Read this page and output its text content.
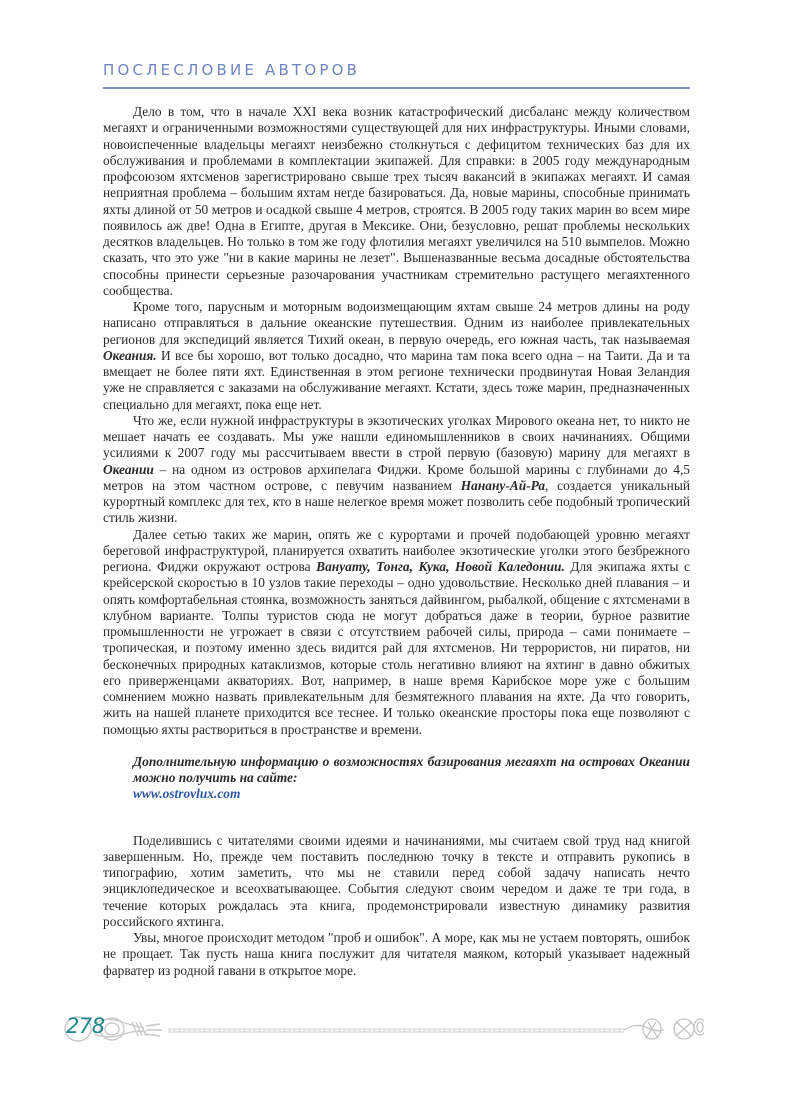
ПОСЛЕСЛОВИЕ АВТОРОВ

Дело в том, что в начале XXI века возник катастрофический дисбаланс между количеством мегаяхт и ограниченными возможностями существующей для них инфраструктуры. Иными словами, новоиспеченные владельцы мегаяхт неизбежно столкнуться с дефицитом технических баз для их обслуживания и проблемами в комплектации экипажей. Для справки: в 2005 году международным профсоюзом яхтсменов зарегистрировано свыше трех тысяч вакансий в экипажах мегаяхт. И самая неприятная проблема – большим яхтам негде базироваться. Да, новые марины, способные принимать яхты длиной от 50 метров и осадкой свыше 4 метров, строятся. В 2005 году таких марин во всем мире появилось аж две! Одна в Египте, другая в Мексике. Они, безусловно, решат проблемы нескольких десятков владельцев. Но только в том же году флотилия мегаяхт увеличился на 510 вымпелов. Можно сказать, что это уже "ни в какие марины не лезет". Вышеназванные весьма досадные обстоятельства способны принести серьезные разочарования участникам стремительно растущего мегаяхтенного сообщества.

Кроме того, парусным и моторным водоизмещающим яхтам свыше 24 метров длины на роду написано отправляться в дальние океанские путешествия. Одним из наиболее привлекательных регионов для экспедиций является Тихий океан, в первую очередь, его южная часть, так называемая Океания. И все бы хорошо, вот только досадно, что марина там пока всего одна – на Таити. Да и та вмещает не более пяти яхт. Единственная в этом регионе технически продвинутая Новая Зеландия уже не справляется с заказами на обслуживание мегаяхт. Кстати, здесь тоже марин, предназначенных специально для мегаяхт, пока еще нет.

Что же, если нужной инфраструктуры в экзотических уголках Мирового океана нет, то никто не мешает начать ее создавать. Мы уже нашли единомышленников в своих начинаниях. Общими усилиями к 2007 году мы рассчитываем ввести в строй первую (базовую) марину для мегаяхт в Океании – на одном из островов архипелага Фиджи. Кроме большой марины с глубинами до 4,5 метров на этом частном острове, с певучим названием Нанану-Ай-Ра, создается уникальный курортный комплекс для тех, кто в наше нелегкое время может позволить себе подобный тропический стиль жизни.

Далее сетью таких же марин, опять же с курортами и прочей подобающей уровню мегаяхт береговой инфраструктурой, планируется охватить наиболее экзотические уголки этого безбрежного региона. Фиджи окружают острова Вануату, Тонга, Кука, Новой Каледонии. Для экипажа яхты с крейсерской скоростью в 10 узлов такие переходы – одно удовольствие. Несколько дней плавания – и опять комфортабельная стоянка, возможность заняться дайвингом, рыбалкой, общение с яхтсменами в клубном варианте. Толпы туристов сюда не могут добраться даже в теории, бурное развитие промышленности не угрожает в связи с отсутствием рабочей силы, природа – сами понимаете – тропическая, и поэтому именно здесь видится рай для яхтсменов. Ни террористов, ни пиратов, ни бесконечных природных катаклизмов, которые столь негативно влияют на яхтинг в давно обжитых его приверженцами акваториях. Вот, например, в наше время Карибское море уже с большим сомнением можно назвать привлекательным для безмятежного плавания на яхте. Да что говорить, жить на нашей планете приходится все теснее. И только океанские просторы пока еще позволяют с помощью яхты раствориться в пространстве и времени.

Дополнительную информацию о возможностях базирования мегаяхт на островах Океании можно получить на сайте:
www.ostrovlux.com

Поделившись с читателями своими идеями и начинаниями, мы считаем свой труд над книгой завершенным. Но, прежде чем поставить последнюю точку в тексте и отправить рукопись в типографию, хотим заметить, что мы не ставили перед собой задачу написать нечто энциклопедическое и всеохватывающее. События следуют своим чередом и даже те три года, в течение которых рождалась эта книга, продемонстрировали известную динамику развития российского яхтинга.

Увы, многое происходит методом "проб и ошибок". А море, как мы не устаем повторять, ошибок не прощает. Так пусть наша книга послужит для читателя маяком, который указывает надежный фарватер из родной гавани в открытое море.

278
